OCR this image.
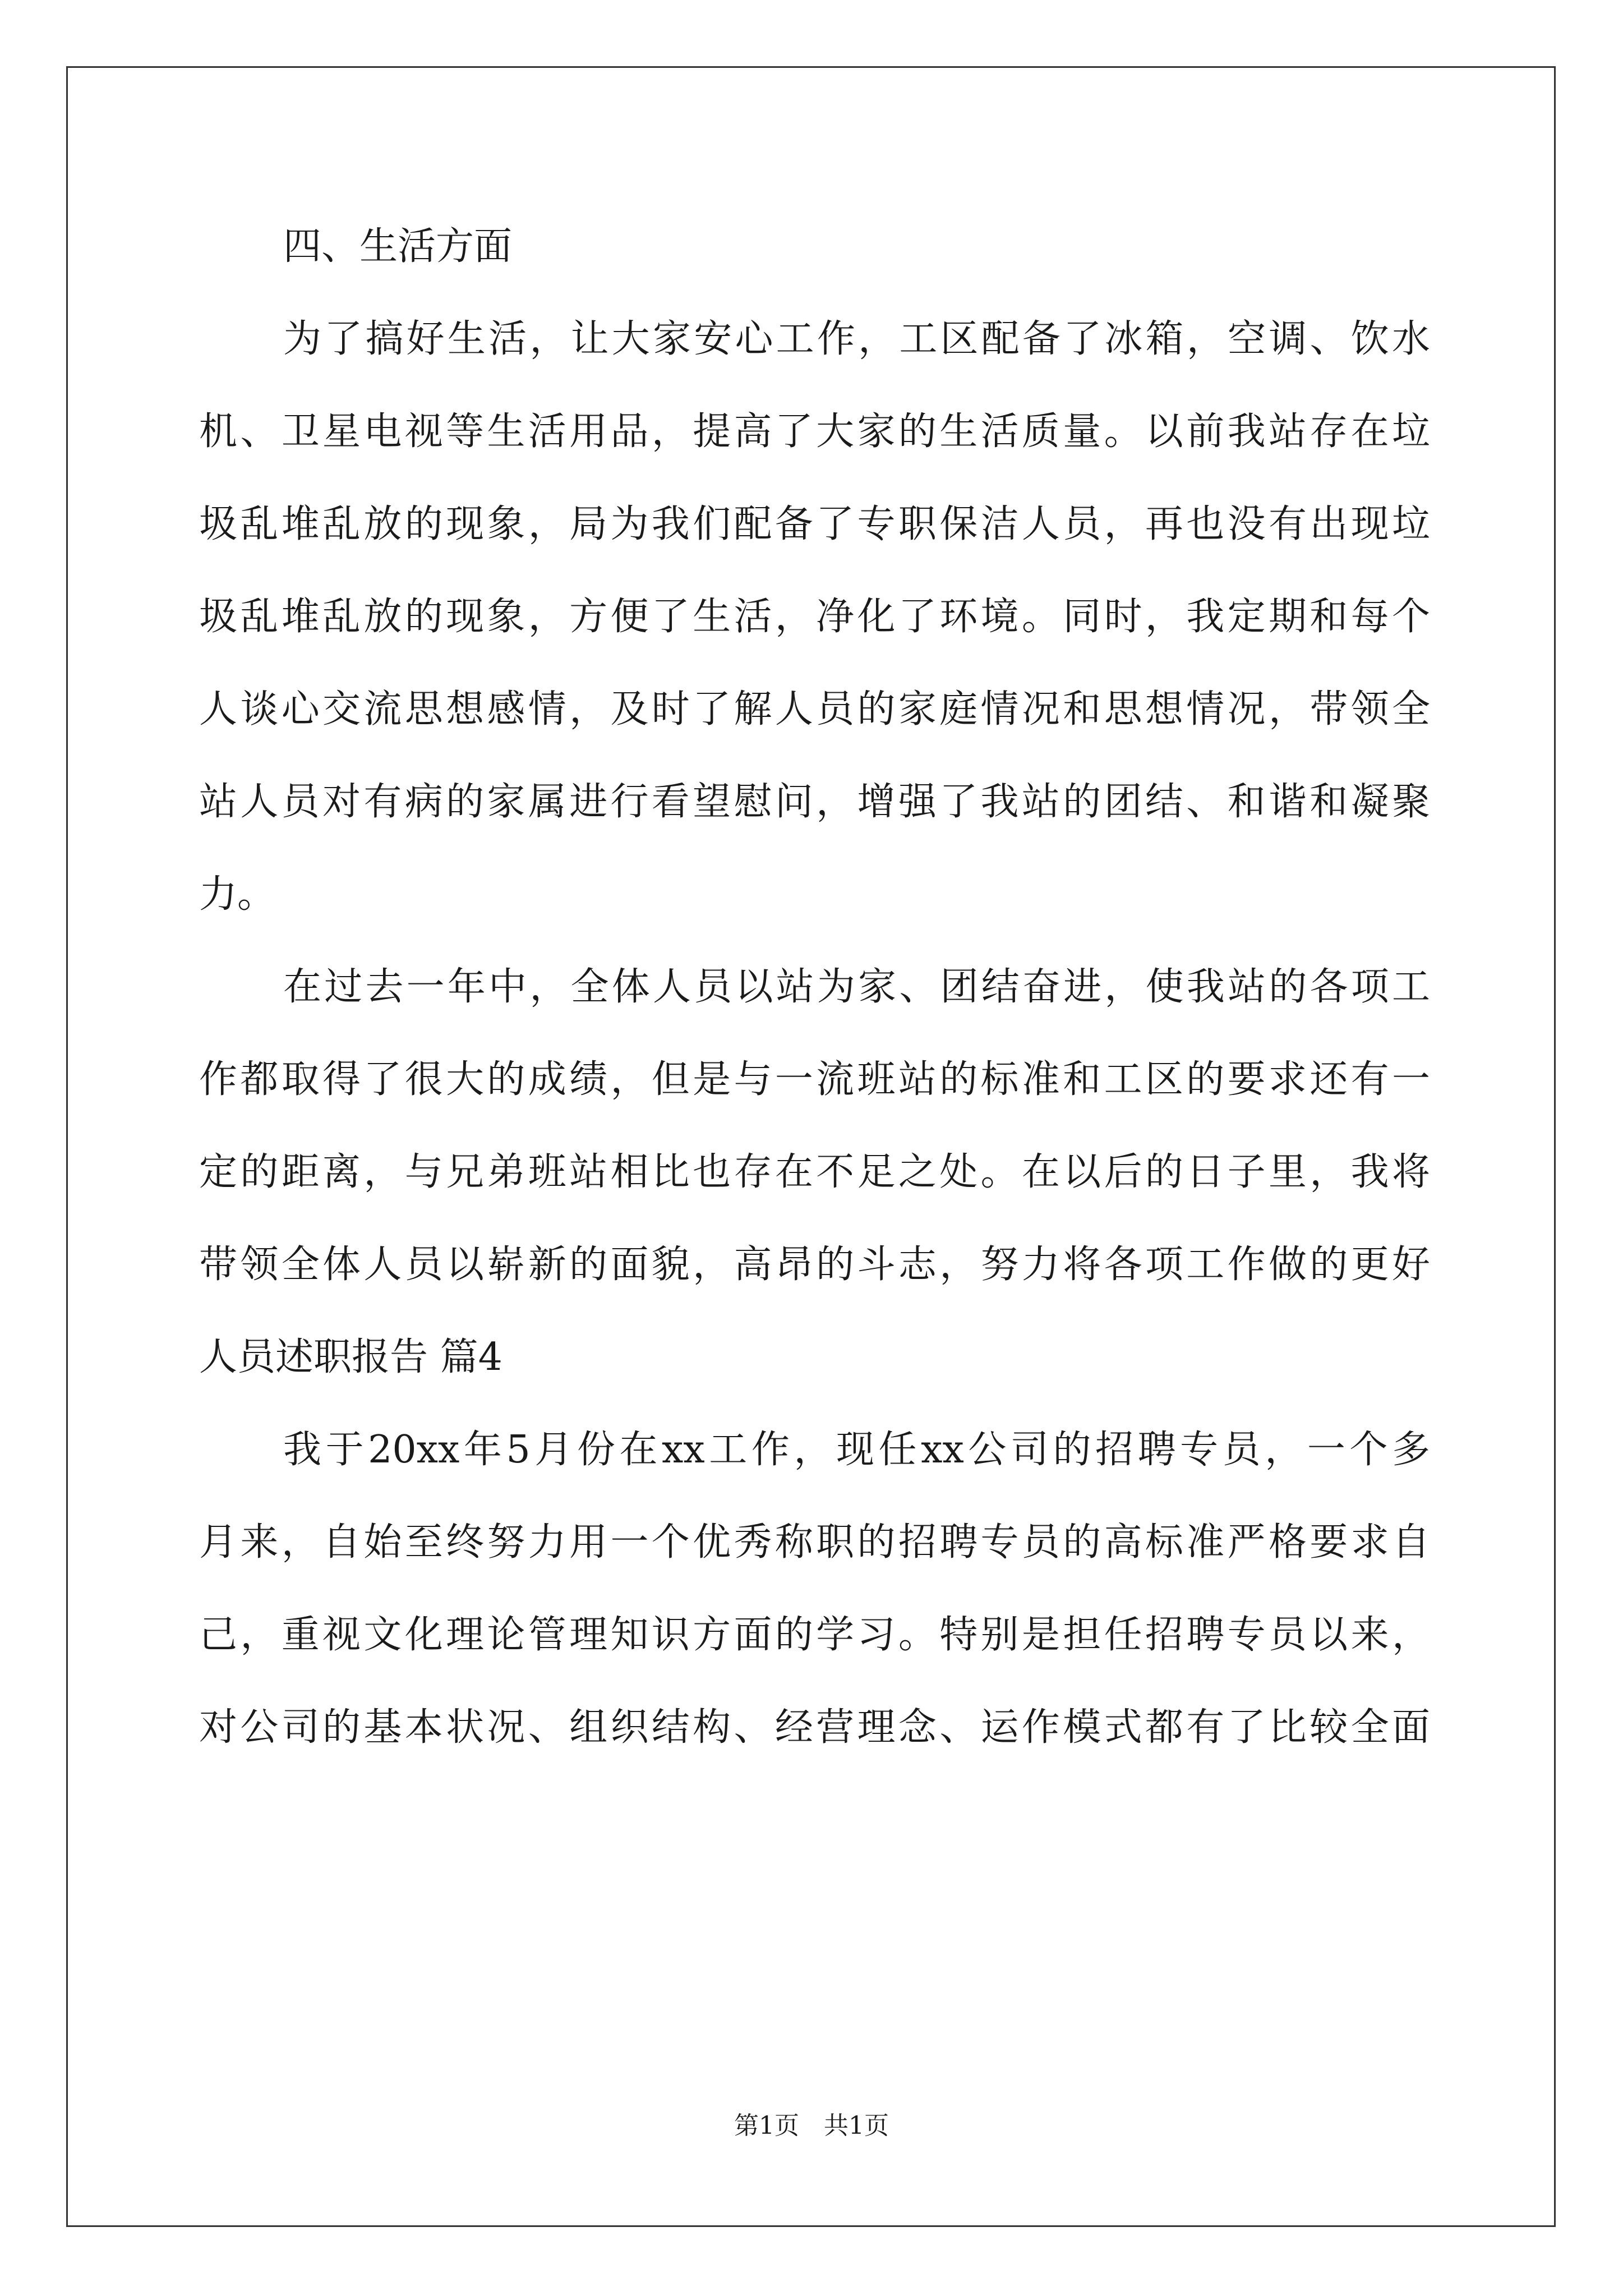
四、生活方面
为了搞好生活，让大家安心工作，工区配备了冰箱，空调、饮水
机、卫星电视等生活用品，提高了大家的生活质量。以前我站存在垃
圾乱堆乱放的现象，局为我们配备了专职保洁人员，再也没有出现垃
圾乱堆乱放的现象，方便了生活，净化了环境。同时，我定期和每个
人谈心交流思想感情，及时了解人员的家庭情况和思想情况，带领全
站人员对有病的家属进行看望慰问，增强了我站的团结、和谐和凝聚
力。
在过去一年中，全体人员以站为家、团结奋进，使我站的各项工
作都取得了很大的成绩，但是与一流班站的标准和工区的要求还有一
定的距离，与兄弟班站相比也存在不足之处。在以后的日子里，我将
带领全体人员以崭新的面貌，高昂的斗志，努力将各项工作做的更好
人员述职报告 篇4
我于20xx年5月份在xx工作，现任xx公司的招聘专员，一个多
月来，自始至终努力用一个优秀称职的招聘专员的高标准严格要求自
己，重视文化理论管理知识方面的学习。特别是担任招聘专员以来，
对公司的基本状况、组织结构、经营理念、运作模式都有了比较全面
第1页　共1页
